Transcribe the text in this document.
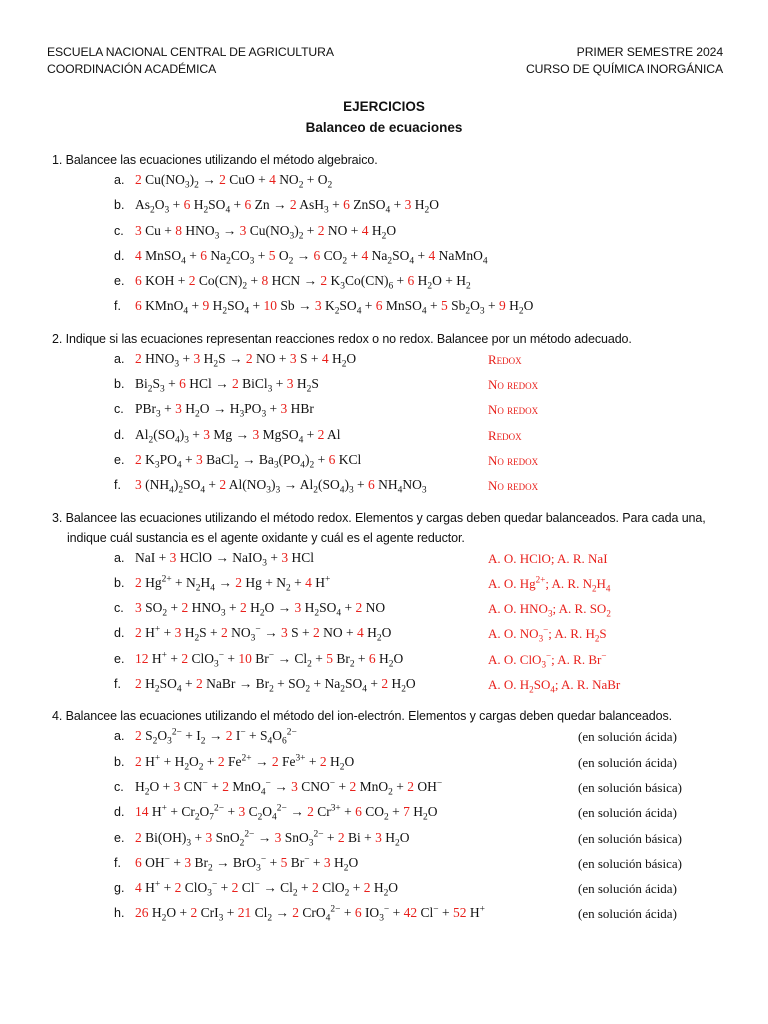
ESCUELA NACIONAL CENTRAL DE AGRICULTURA
COORDINACIÓN ACADÉMICA
PRIMER SEMESTRE 2024
CURSO DE QUÍMICA INORGÁNICA
EJERCICIOS
Balanceo de ecuaciones
1. Balancee las ecuaciones utilizando el método algebraico.
a. 2 $Cu(NO_3)_2 \to 2$ CuO + 4 $NO_2 + O_2$
b. $As_2O_3 + 6$ $H_2SO_4 + 6$ Zn → 2 AsH$_3$ + 6 ZnSO$_4$ + 3 $H_2O$
c. 3 Cu + 8 $HNO_3 \to 3$ $Cu(NO_3)_2 + 2$ NO + 4 $H_2O$
d. 4 MnSO$_4$ + 6 $Na_2CO_3 + 5$ $O_2 \to 6$ $CO_2 + 4$ $Na_2SO_4 + 4$ NaMnO$_4$
e. 6 KOH + 2 $Co(CN)_2 + 8$ HCN → 2 $K_3Co(CN)_6 + 6$ $H_2O + H_2$
f. 6 KMnO$_4$ + 9 $H_2SO_4 + 10$ Sb → 3 $K_2SO_4 + 6$ MnSO$_4$ + 5 $Sb_2O_3 + 9$ $H_2O$
2. Indique si las ecuaciones representan reacciones redox o no redox. Balancee por un método adecuado.
a. 2 $HNO_3 + 3$ $H_2S \to 2$ NO + 3 S + 4 $H_2O$	Redox
b. $Bi_2S_3 + 6$ HCl → 2 BiCl$_3$ + 3 $H_2S$	No redox
c. PBr$_3$ + 3 $H_2O \to H_3PO_3 + 3$ HBr	No redox
d. $Al_2(SO_4)_3 + 3$ Mg → 3 MgSO$_4$ + 2 Al	Redox
e. 2 $K_3PO_4 + 3$ BaCl$_2$ → $Ba_3(PO_4)_2 + 6$ KCl	No redox
f. 3 $(NH_4)_2SO_4 + 2$ $Al(NO_3)_3 \to Al_2(SO_4)_3 + 6$ $NH_4NO_3$	No redox
3. Balancee las ecuaciones utilizando el método redox. Elementos y cargas deben quedar balanceados. Para cada una, indique cuál sustancia es el agente oxidante y cuál es el agente reductor.
a. NaI + 3 HClO → NaIO$_3$ + 3 HCl	A. O. HClO; A. R. NaI
b. 2 $Hg^{2+} + N_2H_4 \to 2$ $Hg + N_2 + 4$ H+	A. O. $Hg^{2+}$; A. R. $N_2H_4$
c. 3 $SO_2 + 2$ $HNO_3 + 2$ $H_2O \to 3$ $H_2SO_4 + 2$ NO	A. O. $HNO_3$; A. R. $SO_2$
d. 2 H+ + 3 $H_2S + 2$ $NO_3^- \to 3$ S + 2 NO + 4 $H_2O$	A. O. $NO_3^-$; A. R. $H_2S$
e. 12 H+ + 2 ClO$_3$− + 10 $Br^- \to Cl_2 + 5$ $Br_2 + 6$ $H_2O$	A. O. ClO$_3$−; A. R. Br−
f. 2 $H_2SO_4 + 2$ NaBr → $Br_2 + SO_2 + Na_2SO_4 + 2$ $H_2O$	A. O. $H_2SO_4$; A. R. NaBr
4. Balancee las ecuaciones utilizando el método del ion-electrón. Elementos y cargas deben quedar balanceados.
a. 2 $S_2O_3^{2-} + I_2 \to 2$ $I^- + S_4O_6^{2-}$	(en solución ácida)
b. 2 $H^+ + H_2O_2 + 2$ $Fe^{2+} \to 2$ $Fe^{3+} + 2$ $H_2O$	(en solución ácida)
c. $H_2O + 3$ CN− + 2 MnO$_4$− → 3 CNO− + 2 MnO$_2$ + 2 OH−	(en solución básica)
d. 14 $H^+ + Cr_2O_7^{2-} + 3$ $C_2O_4^{2-} \to 2$ $Cr^{3+} + 6$ $CO_2 + 7$ $H_2O$	(en solución ácida)
e. 2 $Bi(OH)_3 + 3$ SnO$_2^{2-}$ → 3 SnO$_3^{2-}$ + 2 Bi + 3 $H_2O$	(en solución básica)
f. 6 OH− + 3 $Br_2 \to BrO_3^- + 5$ Br− + 3 $H_2O$	(en solución básica)
g. 4 H+ + 2 ClO$_3$− + 2 $Cl^- \to Cl_2 + 2$ ClO$_2$ + 2 $H_2O$	(en solución ácida)
h. 26 $H_2O + 2$ CrI$_3$ + 21 $Cl_2 \to 2$ CrO$_4^{2-}$ + 6 $IO_3^- + 42$ Cl− + 52 H+	(en solución ácida)
